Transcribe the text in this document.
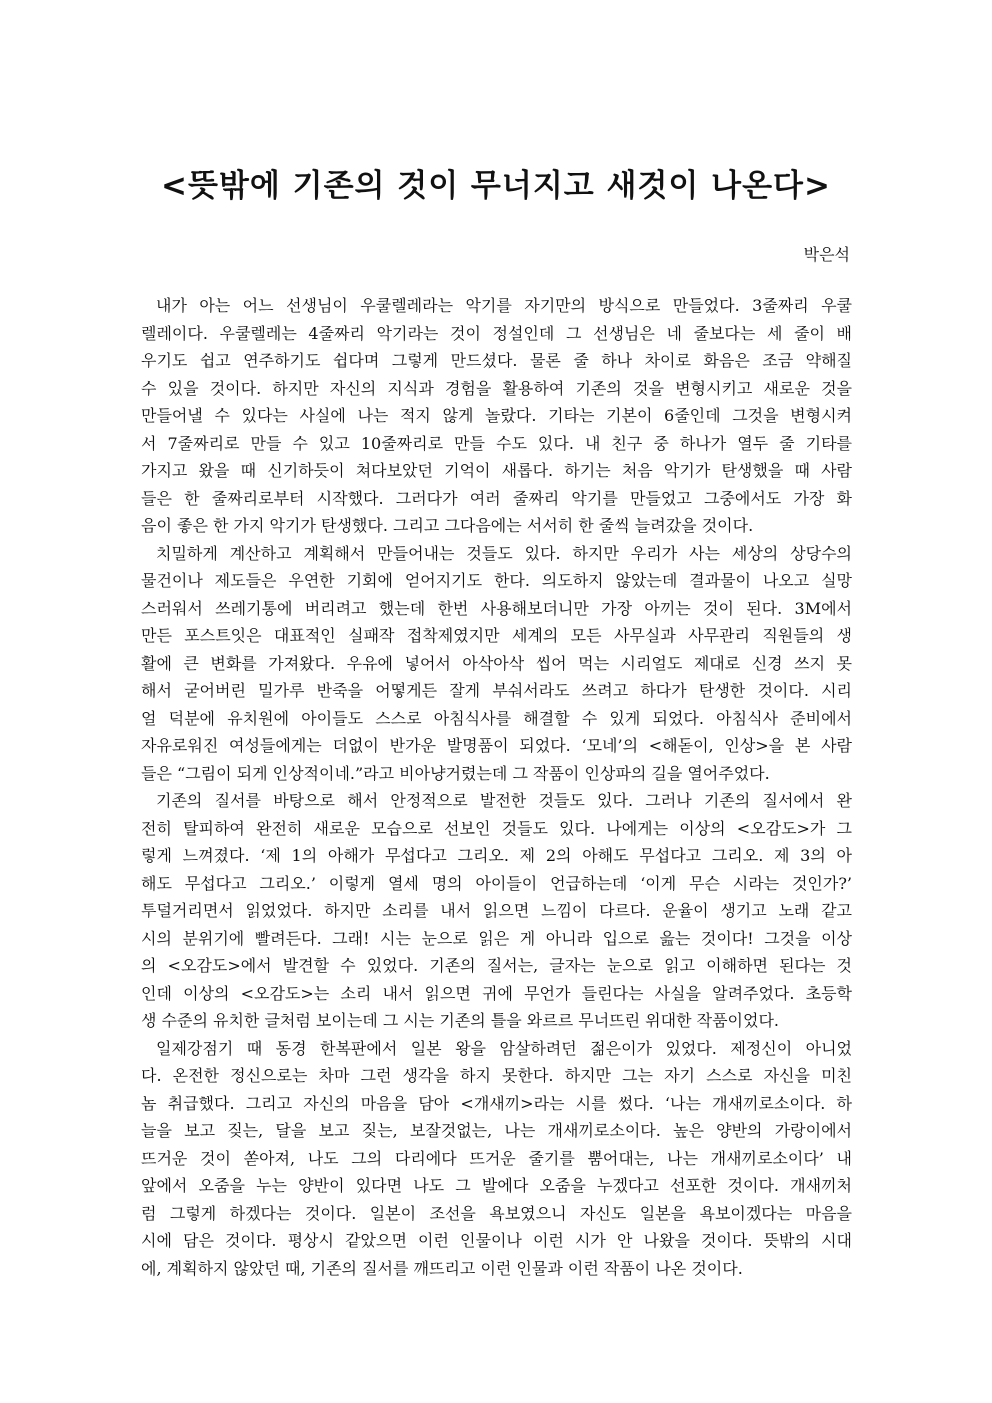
<뜻밖에 기존의 것이 무너지고 새것이 나온다>
박은석
내가 아는 어느 선생님이 우쿨렐레라는 악기를 자기만의 방식으로 만들었다. 3줄짜리 우쿨
렐레이다. 우쿨렐레는 4줄짜리 악기라는 것이 정설인데 그 선생님은 네 줄보다는 세 줄이 배
우기도 쉽고 연주하기도 쉽다며 그렇게 만드셨다. 물론 줄 하나 차이로 화음은 조금 약해질
수 있을 것이다. 하지만 자신의 지식과 경험을 활용하여 기존의 것을 변형시키고 새로운 것을
만들어낼 수 있다는 사실에 나는 적지 않게 놀랐다. 기타는 기본이 6줄인데 그것을 변형시켜
서 7줄짜리로 만들 수 있고 10줄짜리로 만들 수도 있다. 내 친구 중 하나가 열두 줄 기타를
가지고 왔을 때 신기하듯이 쳐다보았던 기억이 새롭다. 하기는 처음 악기가 탄생했을 때 사람
들은 한 줄짜리로부터 시작했다. 그러다가 여러 줄짜리 악기를 만들었고 그중에서도 가장 화
음이 좋은 한 가지 악기가 탄생했다. 그리고 그다음에는 서서히 한 줄씩 늘려갔을 것이다.
치밀하게 계산하고 계획해서 만들어내는 것들도 있다. 하지만 우리가 사는 세상의 상당수의
물건이나 제도들은 우연한 기회에 얻어지기도 한다. 의도하지 않았는데 결과물이 나오고 실망
스러워서 쓰레기통에 버리려고 했는데 한번 사용해보더니만 가장 아끼는 것이 된다. 3M에서
만든 포스트잇은 대표적인 실패작 접착제였지만 세계의 모든 사무실과 사무관리 직원들의 생
활에 큰 변화를 가져왔다. 우유에 넣어서 아삭아삭 씹어 먹는 시리얼도 제대로 신경 쓰지 못
해서 굳어버린 밀가루 반죽을 어떻게든 잘게 부숴서라도 쓰려고 하다가 탄생한 것이다. 시리
얼 덕분에 유치원에 아이들도 스스로 아침식사를 해결할 수 있게 되었다. 아침식사 준비에서
자유로워진 여성들에게는 더없이 반가운 발명품이 되었다. ‘모네’의 <해돋이, 인상>을 본 사람
들은 “그림이 되게 인상적이네.”라고 비아냥거렸는데 그 작품이 인상파의 길을 열어주었다.
기존의 질서를 바탕으로 해서 안정적으로 발전한 것들도 있다. 그러나 기존의 질서에서 완
전히 탈피하여 완전히 새로운 모습으로 선보인 것들도 있다. 나에게는 이상의 <오감도>가 그
렇게 느껴졌다. ‘제 1의 아해가 무섭다고 그리오. 제 2의 아해도 무섭다고 그리오. 제 3의 아
해도 무섭다고 그리오.’ 이렇게 열세 명의 아이들이 언급하는데 ‘이게 무슨 시라는 것인가?’
투덜거리면서 읽었었다. 하지만 소리를 내서 읽으면 느낌이 다르다. 운율이 생기고 노래 같고
시의 분위기에 빨려든다. 그래! 시는 눈으로 읽은 게 아니라 입으로 읊는 것이다! 그것을 이상
의 <오감도>에서 발견할 수 있었다. 기존의 질서는, 글자는 눈으로 읽고 이해하면 된다는 것
인데 이상의 <오감도>는 소리 내서 읽으면 귀에 무언가 들린다는 사실을 알려주었다. 초등학
생 수준의 유치한 글처럼 보이는데 그 시는 기존의 틀을 와르르 무너뜨린 위대한 작품이었다.
일제강점기 때 동경 한복판에서 일본 왕을 암살하려던 젊은이가 있었다. 제정신이 아니었
다. 온전한 정신으로는 차마 그런 생각을 하지 못한다. 하지만 그는 자기 스스로 자신을 미친
놈 취급했다. 그리고 자신의 마음을 담아 <개새끼>라는 시를 썼다. ‘나는 개새끼로소이다. 하
늘을 보고 짖는, 달을 보고 짖는, 보잘것없는, 나는 개새끼로소이다. 높은 양반의 가랑이에서
뜨거운 것이 쏟아져, 나도 그의 다리에다 뜨거운 줄기를 뿜어대는, 나는 개새끼로소이다’ 내
앞에서 오줌을 누는 양반이 있다면 나도 그 발에다 오줌을 누겠다고 선포한 것이다. 개새끼처
럼 그렇게 하겠다는 것이다. 일본이 조선을 욕보였으니 자신도 일본을 욕보이겠다는 마음을
시에 담은 것이다. 평상시 같았으면 이런 인물이나 이런 시가 안 나왔을 것이다. 뜻밖의 시대
에, 계획하지 않았던 때, 기존의 질서를 깨뜨리고 이런 인물과 이런 작품이 나온 것이다.
